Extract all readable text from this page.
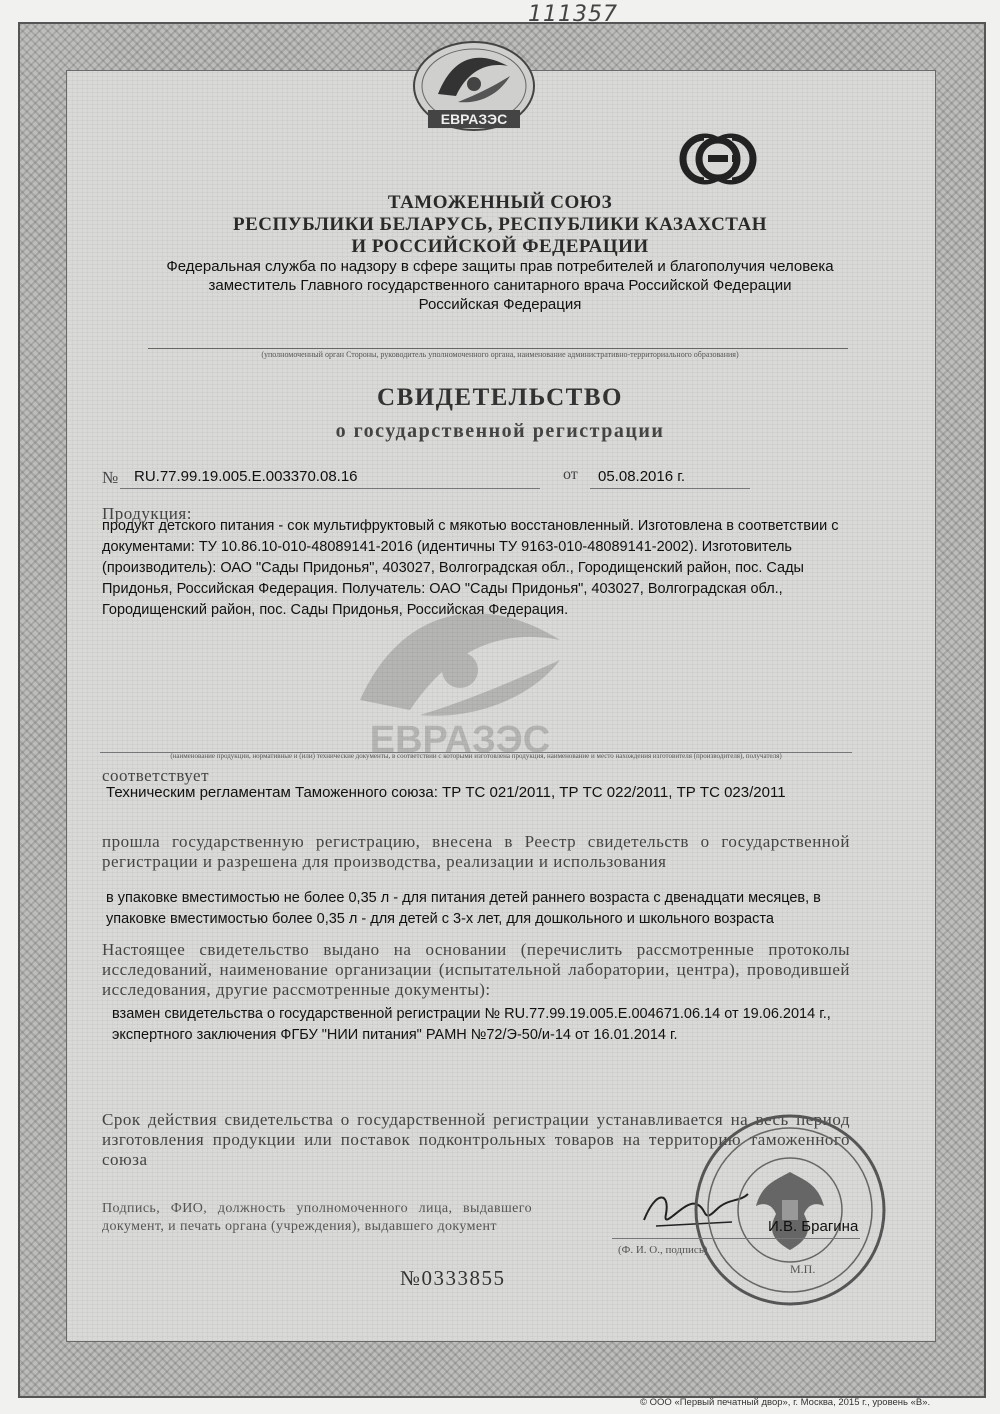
111357
ЕВРАЗЭС
ТАМОЖЕННЫЙ СОЮЗ
РЕСПУБЛИКИ БЕЛАРУСЬ, РЕСПУБЛИКИ КАЗАХСТАН
И РОССИЙСКОЙ ФЕДЕРАЦИИ
Федеральная служба по надзору в сфере защиты прав потребителей и благополучия человека
заместитель Главного государственного санитарного врача Российской Федерации
Российская Федерация
(уполномоченный орган Стороны, руководитель уполномоченного органа, наименование административно-территориального образования)
СВИДЕТЕЛЬСТВО
о государственной регистрации
№ RU.77.99.19.005.Е.003370.08.16	от 05.08.2016 г.
Продукция:
продукт детского питания - сок мультифруктовый с мякотью восстановленный. Изготовлена в соответствии с документами: ТУ 10.86.10-010-48089141-2016 (идентичны ТУ 9163-010-48089141-2002). Изготовитель (производитель): ОАО "Сады Придонья", 403027, Волгоградская обл., Городищенский район, пос. Сады Придонья, Российская Федерация. Получатель: ОАО "Сады Придонья", 403027, Волгоградская обл., Городищенский район, пос. Сады Придонья, Российская Федерация.
ЕВРАЗЭС
(наименование продукции, нормативные и (или) технические документы, в соответствии с которыми изготовлена продукция, наименование и место нахождения изготовителя (производителя), получателя)
соответствует
Техническим регламентам Таможенного союза: ТР ТС 021/2011, ТР ТС 022/2011, ТР ТС 023/2011
прошла государственную регистрацию, внесена в Реестр свидетельств о государственной регистрации и разрешена для производства, реализации и использования
в упаковке вместимостью не более 0,35 л - для питания детей раннего возраста с двенадцати месяцев, в упаковке вместимостью более 0,35 л - для детей с 3-х лет, для дошкольного и школьного возраста
Настоящее свидетельство выдано на основании (перечислить рассмотренные протоколы исследований, наименование организации (испытательной лаборатории, центра), проводившей исследования, другие рассмотренные документы):
взамен свидетельства о государственной регистрации № RU.77.99.19.005.Е.004671.06.14 от 19.06.2014 г., экспертного заключения ФГБУ "НИИ питания" РАМН №72/Э-50/и-14 от 16.01.2014 г.
Срок действия свидетельства о государственной регистрации устанавливается на весь период изготовления продукции или поставок подконтрольных товаров на территорию таможенного союза
Подпись, ФИО, должность уполномоченного лица, выдавшего документ, и печать органа (учреждения), выдавшего документ	И.В. Брагина
(Ф. И. О., подпись)
М.П.
№0333855
© ООО «Первый печатный двор», г. Москва, 2015 г., уровень «В».
